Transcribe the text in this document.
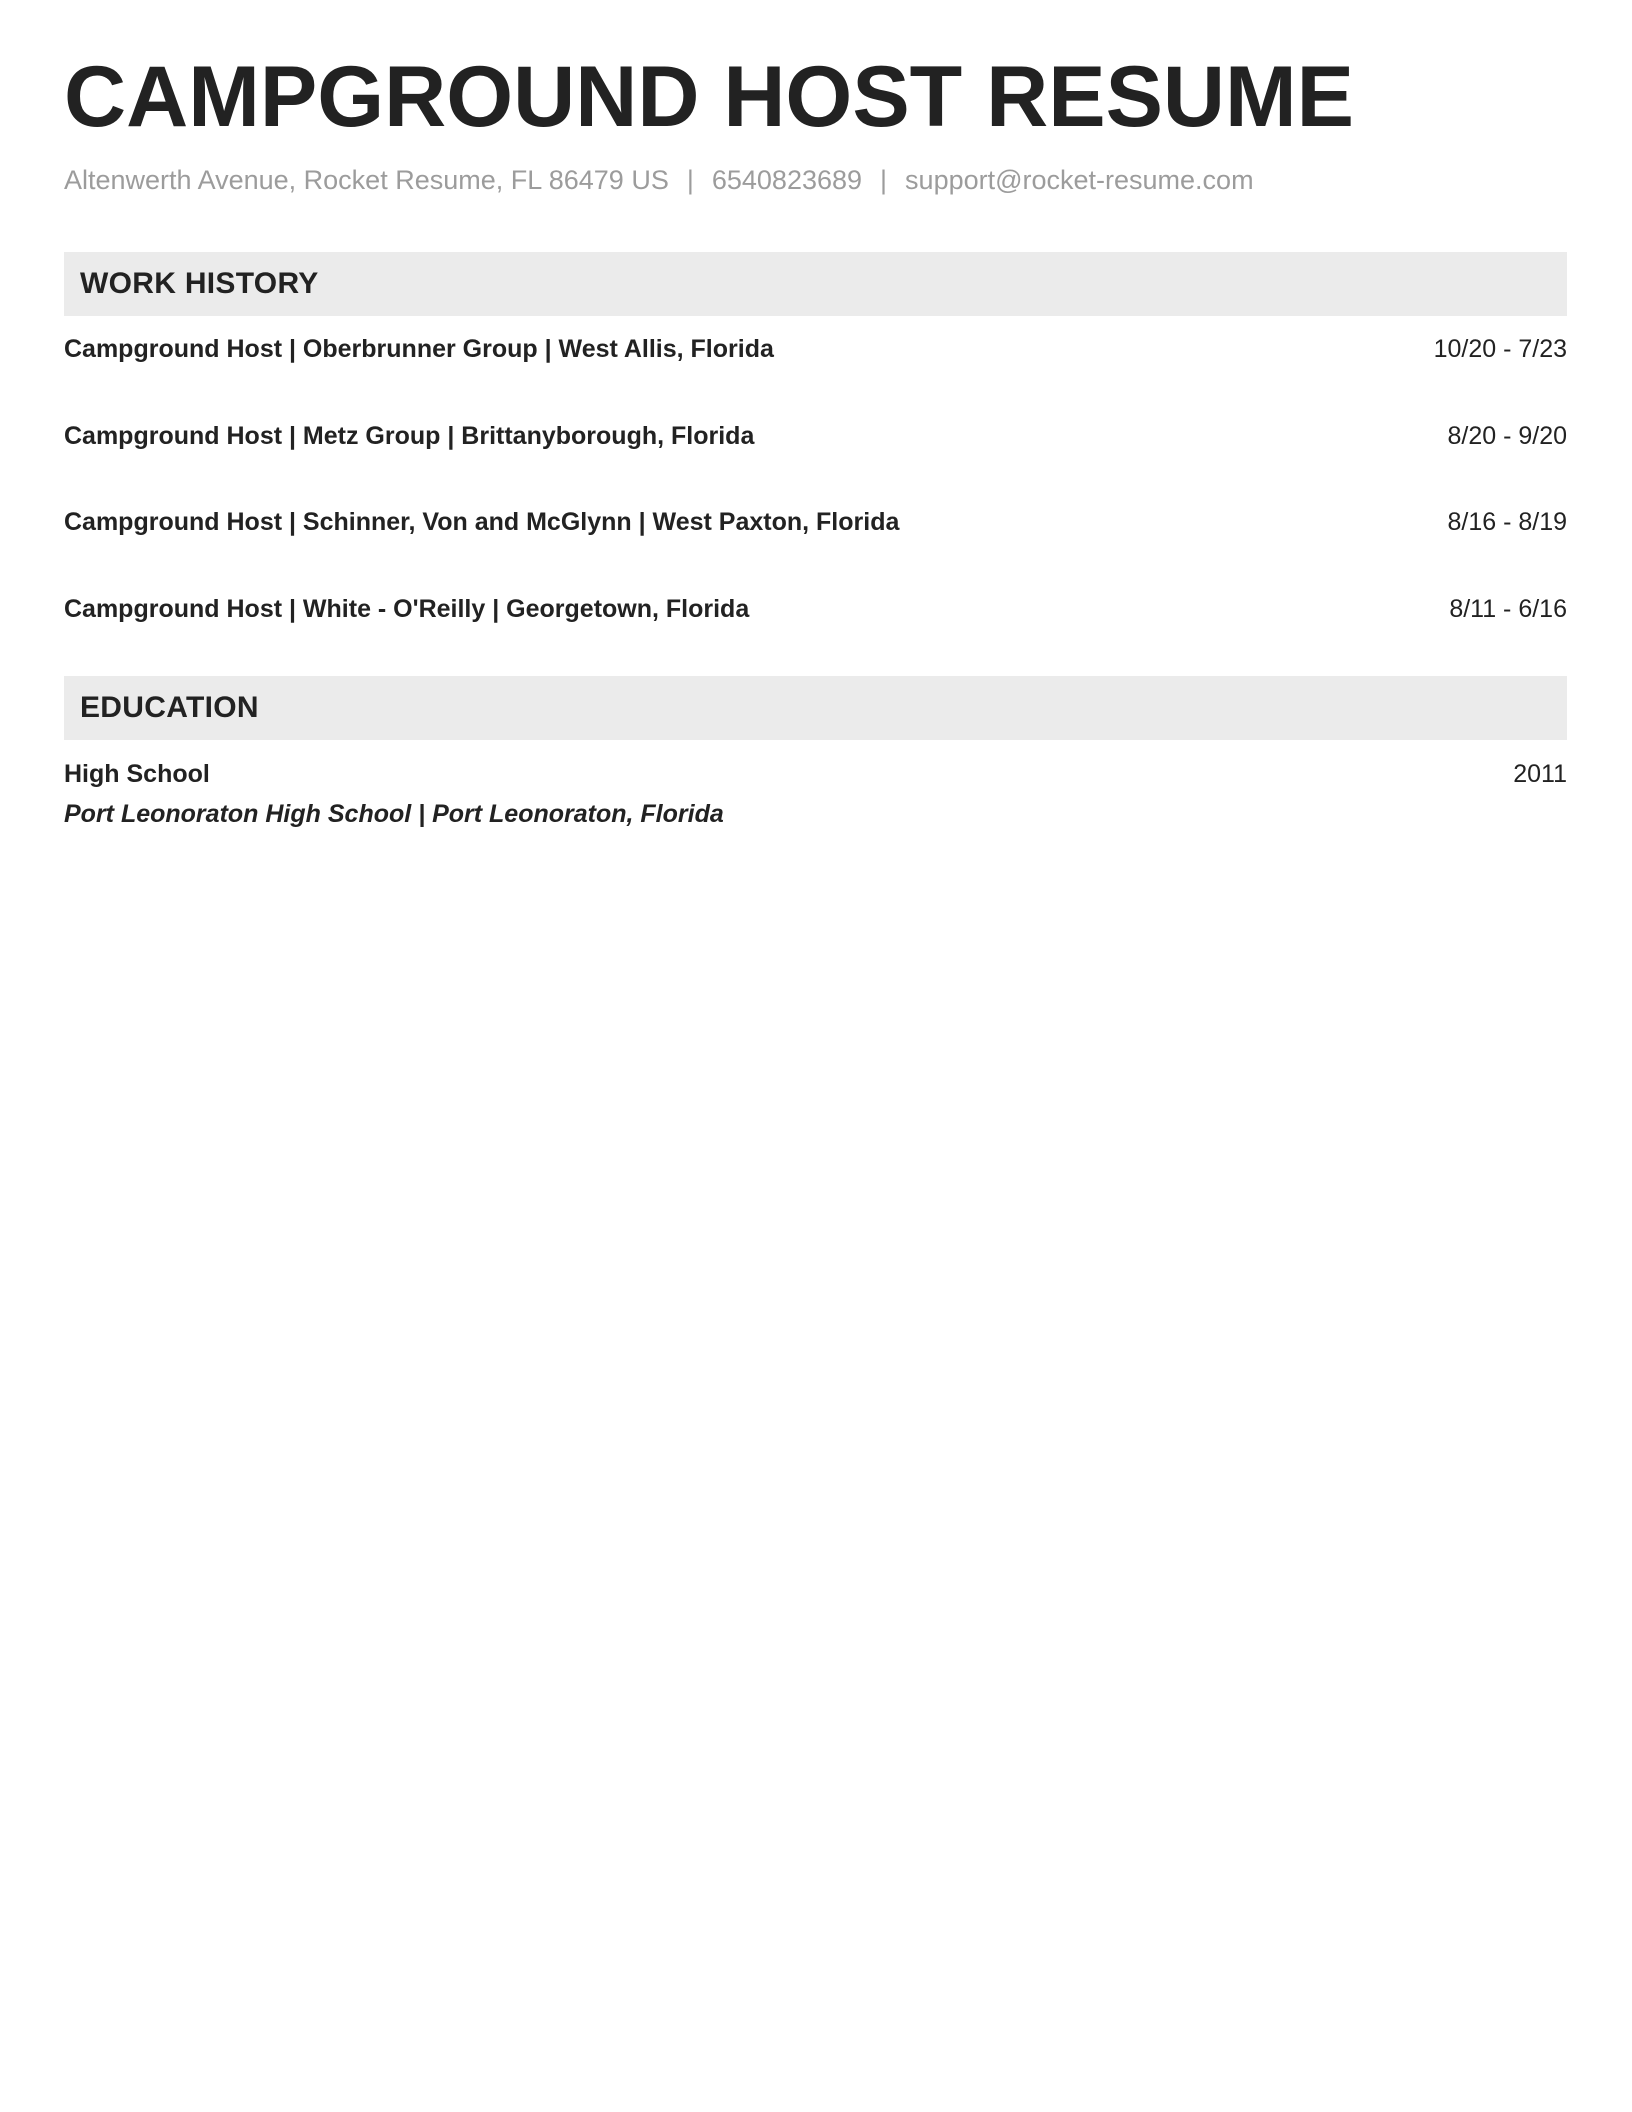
CAMPGROUND HOST RESUME
Altenwerth Avenue, Rocket Resume, FL 86479 US | 6540823689 | support@rocket-resume.com
WORK HISTORY
Campground Host | Oberbrunner Group | West Allis, Florida	10/20 - 7/23
Campground Host | Metz Group | Brittanyborough, Florida	8/20 - 9/20
Campground Host | Schinner, Von and McGlynn | West Paxton, Florida	8/16 - 8/19
Campground Host | White - O'Reilly | Georgetown, Florida	8/11 - 6/16
EDUCATION
High School	2011
Port Leonoraton High School | Port Leonoraton, Florida
